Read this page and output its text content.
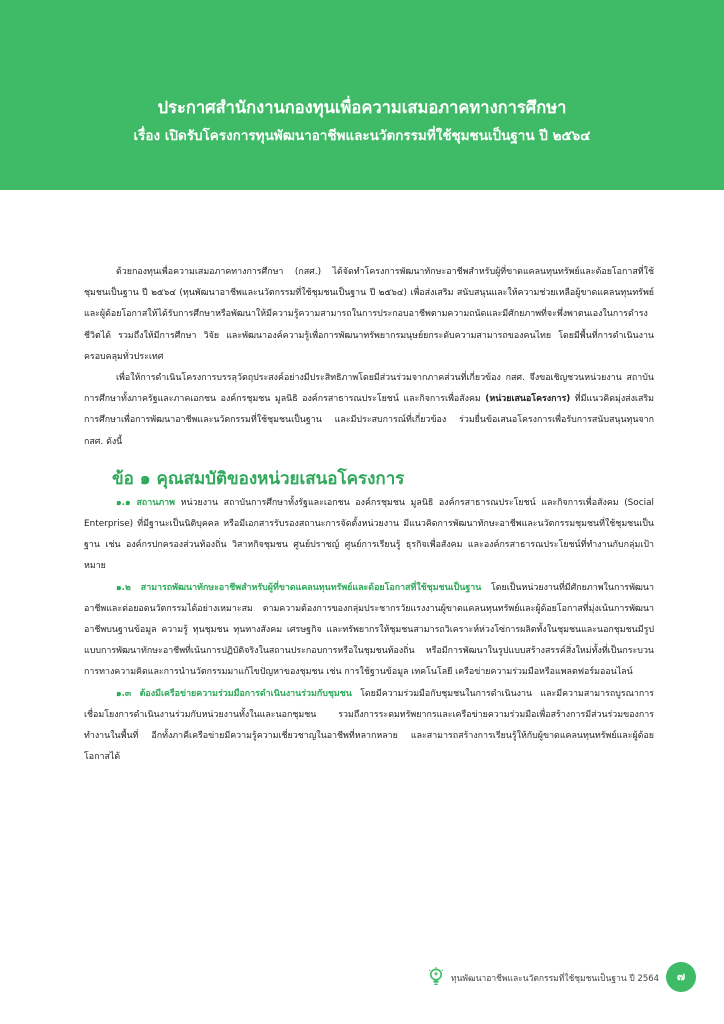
ประกาศสำนักงานกองทุนเพื่อความเสมอภาคทางการศึกษา
เรื่อง เปิดรับโครงการทุนพัฒนาอาชีพและนวัตกรรมที่ใช้ชุมชนเป็นฐาน ปี ๒๕๖๔

ด้วยกองทุนเพื่อความเสมอภาคทางการศึกษา (กสศ.) ได้จัดทำโครงการพัฒนาทักษะอาชีพสำหรับผู้ที่ขาดแคลนทุนทรัพย์และด้อยโอกาสที่ใช้ชุมชนเป็นฐาน ปี ๒๕๖๔ (ทุนพัฒนาอาชีพและนวัตกรรมที่ใช้ชุมชนเป็นฐาน ปี ๒๕๖๔) เพื่อส่งเสริม สนับสนุนและให้ความช่วยเหลือผู้ขาดแคลนทุนทรัพย์และผู้ด้อยโอกาสให้ได้รับการศึกษาหรือพัฒนาให้มีความรู้ความสามารถในการประกอบอาชีพตามความถนัดและมีศักยภาพที่จะพึ่งพาตนเองในการดำรงชีวิตได้ รวมถึงให้มีการศึกษา วิจัย และพัฒนาองค์ความรู้เพื่อการพัฒนาทรัพยากรมนุษย์ยกระดับความสามารถของคนไทย โดยมีพื้นที่การดำเนินงานครอบคลุมทั่วประเทศ

เพื่อให้การดำเนินโครงการบรรลุวัตถุประสงค์อย่างมีประสิทธิภาพโดยมีส่วนร่วมจากภาคส่วนที่เกี่ยวข้อง กสศ. จึงขอเชิญชวนหน่วยงาน สถาบันการศึกษาทั้งภาครัฐและภาคเอกชน องค์กรชุมชน มูลนิธิ องค์กรสาธารณประโยชน์ และกิจการเพื่อสังคม (หน่วยเสนอโครงการ) ที่มีแนวคิดมุ่งส่งเสริมการศึกษาเพื่อการพัฒนาอาชีพและนวัตกรรมที่ใช้ชุมชนเป็นฐาน และมีประสบการณ์ที่เกี่ยวข้อง ร่วมยื่นข้อเสนอโครงการเพื่อรับการสนับสนุนทุนจาก กสศ. ดังนี้

ข้อ ๑ คุณสมบัติของหน่วยเสนอโครงการ

๑.๑ สถานภาพ หน่วยงาน สถาบันการศึกษาทั้งรัฐและเอกชน องค์กรชุมชน มูลนิธิ องค์กรสาธารณประโยชน์ และกิจการเพื่อสังคม (Social Enterprise) ที่มีฐานะเป็นนิติบุคคล หรือมีเอกสารรับรองสถานะการจัดตั้งหน่วยงาน มีแนวคิดการพัฒนาทักษะอาชีพและนวัตกรรมชุมชนที่ใช้ชุมชนเป็นฐาน เช่น องค์กรปกครองส่วนท้องถิ่น วิสาหกิจชุมชน ศูนย์ปราชญ์ ศูนย์การเรียนรู้ ธุรกิจเพื่อสังคม และองค์กรสาธารณประโยชน์ที่ทำงานกับกลุ่มเป้าหมาย

๑.๒ สามารถพัฒนาทักษะอาชีพสำหรับผู้ที่ขาดแคลนทุนทรัพย์และด้อยโอกาสที่ใช้ชุมชนเป็นฐาน โดยเป็นหน่วยงานที่มีศักยภาพในการพัฒนาอาชีพและต่อยอดนวัตกรรมได้อย่างเหมาะสม ตามความต้องการของกลุ่มประชากรวัยแรงงานผู้ขาดแคลนทุนทรัพย์และผู้ด้อยโอกาสที่มุ่งเน้นการพัฒนาอาชีพบนฐานข้อมูล ความรู้ ทุนชุมชน ทุนทางสังคม เศรษฐกิจ และทรัพยากรให้ชุมชนสามารถวิเคราะห์ห่วงโซ่การผลิตทั้งในชุมชนและนอกชุมชนมีรูปแบบการพัฒนาทักษะอาชีพที่เน้นการปฏิบัติจริงในสถานประกอบการหรือในชุมชนท้องถิ่น หรือมีการพัฒนาในรูปแบบสร้างสรรค์สิ่งใหม่ทั้งที่เป็นกระบวนการทางความคิดและการนำนวัตกรรมมาแก้ไขปัญหาของชุมชน เช่น การใช้ฐานข้อมูล เทคโนโลยี เครือข่ายความร่วมมือหรือแพลตฟอร์มออนไลน์

๑.๓ ต้องมีเครือข่ายความร่วมมือการดำเนินงานร่วมกับชุมชน โดยมีความร่วมมือกับชุมชนในการดำเนินงาน และมีความสามารถบูรณาการเชื่อมโยงการดำเนินงานร่วมกับหน่วยงานทั้งในและนอกชุมชน รวมถึงการระดมทรัพยากรและเครือข่ายความร่วมมือเพื่อสร้างการมีส่วนร่วมของการทำงานในพื้นที่ อีกทั้งภาคีเครือข่ายมีความรู้ความเชี่ยวชาญในอาชีพที่หลากหลาย และสามารถสร้างการเรียนรู้ให้กับผู้ขาดแคลนทุนทรัพย์และผู้ด้อยโอกาสได้

ทุนพัฒนาอาชีพและนวัตกรรมที่ใช้ชุมชนเป็นฐาน ปี 2564	๗
